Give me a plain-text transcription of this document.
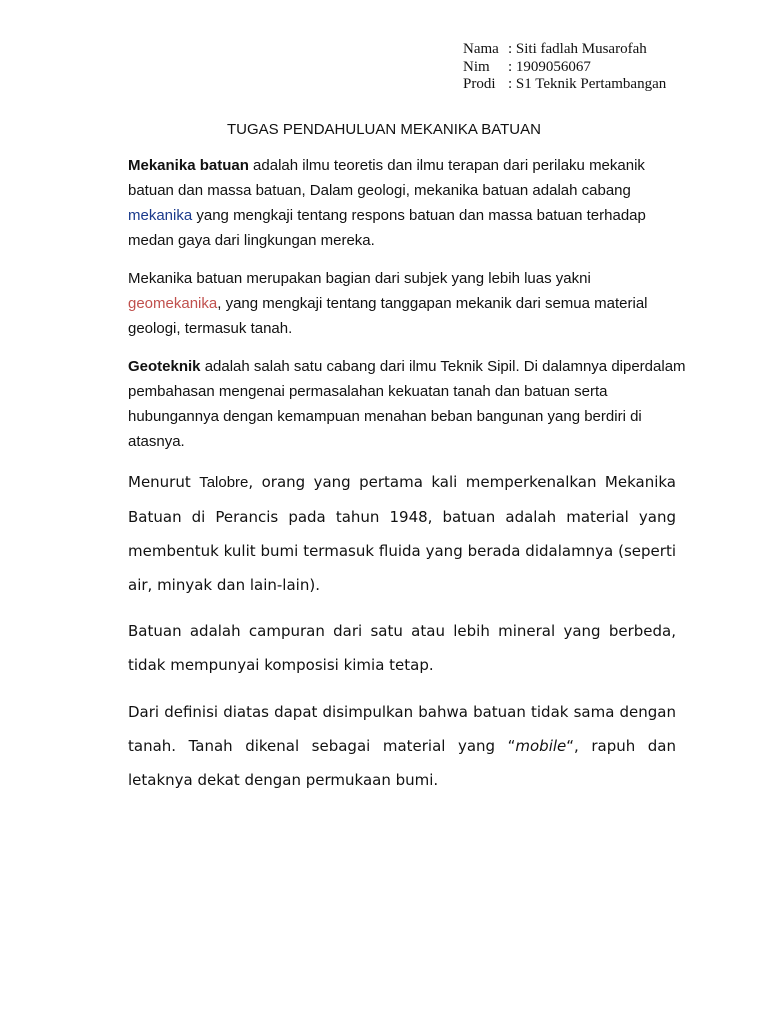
Nama : Siti fadlah Musarofah
Nim	: 1909056067
Prodi : S1 Teknik Pertambangan
TUGAS PENDAHULUAN MEKANIKA BATUAN

Mekanika batuan adalah ilmu teoretis dan ilmu terapan dari perilaku mekanik batuan dan massa batuan, Dalam geologi, mekanika batuan adalah cabang mekanika yang mengkaji tentang respons batuan dan massa batuan terhadap medan gaya dari lingkungan mereka.

Mekanika batuan merupakan bagian dari subjek yang lebih luas yakni geomekanika, yang mengkaji tentang tanggapan mekanik dari semua material geologi, termasuk tanah.

Geoteknik adalah salah satu cabang dari ilmu Teknik Sipil. Di dalamnya diperdalam pembahasan mengenai permasalahan kekuatan tanah dan batuan serta hubungannya dengan kemampuan menahan beban bangunan yang berdiri di atasnya.

Menurut Talobre, orang yang pertama kali memperkenalkan Mekanika Batuan di Perancis pada tahun 1948, batuan adalah material yang membentuk kulit bumi termasuk fluida yang berada didalamnya (seperti air, minyak dan lain-lain).

Batuan adalah campuran dari satu atau lebih mineral yang berbeda, tidak mempunyai komposisi kimia tetap.

Dari definisi diatas dapat disimpulkan bahwa batuan tidak sama dengan tanah. Tanah dikenal sebagai material yang “mobile“, rapuh dan letaknya dekat dengan permukaan bumi.
